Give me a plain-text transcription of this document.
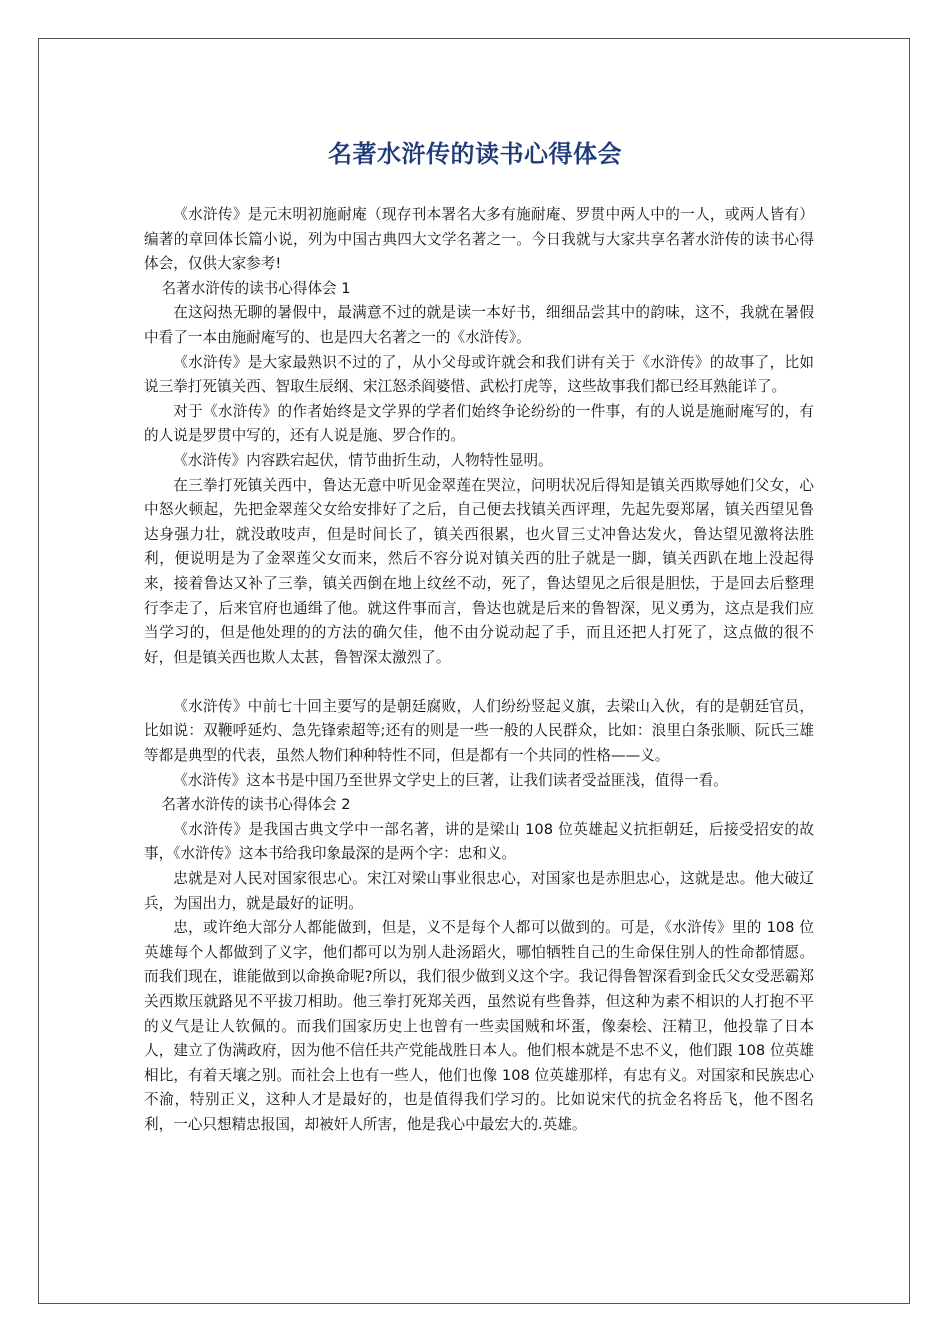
名著水浒传的读书心得体会

《水浒传》是元末明初施耐庵（现存刊本署名大多有施耐庵、罗贯中两人中的一人，或两人皆有）编著的章回体长篇小说，列为中国古典四大文学名著之一。今日我就与大家共享名著水浒传的读书心得体会，仅供大家参考!

名著水浒传的读书心得体会 1

在这闷热无聊的暑假中，最满意不过的就是读一本好书，细细品尝其中的韵味，这不，我就在暑假中看了一本由施耐庵写的、也是四大名著之一的《水浒传》。

《水浒传》是大家最熟识不过的了，从小父母或许就会和我们讲有关于《水浒传》的故事了，比如说三拳打死镇关西、智取生辰纲、宋江怒杀阎婆惜、武松打虎等，这些故事我们都已经耳熟能详了。

对于《水浒传》的作者始终是文学界的学者们始终争论纷纷的一件事，有的人说是施耐庵写的，有的人说是罗贯中写的，还有人说是施、罗合作的。

《水浒传》内容跌宕起伏，情节曲折生动，人物特性显明。

在三拳打死镇关西中，鲁达无意中听见金翠莲在哭泣，问明状况后得知是镇关西欺辱她们父女，心中怒火顿起，先把金翠莲父女给安排好了之后，自己便去找镇关西评理，先起先耍郑屠，镇关西望见鲁达身强力壮，就没敢吱声，但是时间长了，镇关西很累，也火冒三丈冲鲁达发火，鲁达望见激将法胜利，便说明是为了金翠莲父女而来，然后不容分说对镇关西的肚子就是一脚，镇关西趴在地上没起得来，接着鲁达又补了三拳，镇关西倒在地上纹丝不动，死了，鲁达望见之后很是胆怯，于是回去后整理行李走了，后来官府也通缉了他。就这件事而言，鲁达也就是后来的鲁智深，见义勇为，这点是我们应当学习的，但是他处理的的方法的确欠佳，他不由分说动起了手，而且还把人打死了，这点做的很不好，但是镇关西也欺人太甚，鲁智深太激烈了。

《水浒传》中前七十回主要写的是朝廷腐败，人们纷纷竖起义旗，去梁山入伙，有的是朝廷官员，比如说：双鞭呼延灼、急先锋索超等;还有的则是一些一般的人民群众，比如：浪里白条张顺、阮氏三雄等都是典型的代表，虽然人物们种种特性不同，但是都有一个共同的性格——义。

《水浒传》这本书是中国乃至世界文学史上的巨著，让我们读者受益匪浅，值得一看。

名著水浒传的读书心得体会 2

《水浒传》是我国古典文学中一部名著，讲的是梁山 108 位英雄起义抗拒朝廷，后接受招安的故事，《水浒传》这本书给我印象最深的是两个字：忠和义。

忠就是对人民对国家很忠心。宋江对梁山事业很忠心，对国家也是赤胆忠心，这就是忠。他大破辽兵，为国出力，就是最好的证明。

忠，或许绝大部分人都能做到，但是，义不是每个人都可以做到的。可是，《水浒传》里的 108 位英雄每个人都做到了义字，他们都可以为别人赴汤蹈火，哪怕牺牲自己的生命保住别人的性命都情愿。而我们现在，谁能做到以命换命呢?所以，我们很少做到义这个字。我记得鲁智深看到金氏父女受恶霸郑关西欺压就路见不平拔刀相助。他三拳打死郑关西，虽然说有些鲁莽，但这种为素不相识的人打抱不平的义气是让人钦佩的。而我们国家历史上也曾有一些卖国贼和坏蛋，像秦桧、汪精卫，他投靠了日本人，建立了伪满政府，因为他不信任共产党能战胜日本人。他们根本就是不忠不义，他们跟 108 位英雄相比，有着天壤之别。而社会上也有一些人，他们也像 108 位英雄那样，有忠有义。对国家和民族忠心不渝，特别正义，这种人才是最好的，也是值得我们学习的。比如说宋代的抗金名将岳飞，他不图名利，一心只想精忠报国，却被奸人所害，他是我心中最宏大的.英雄。
